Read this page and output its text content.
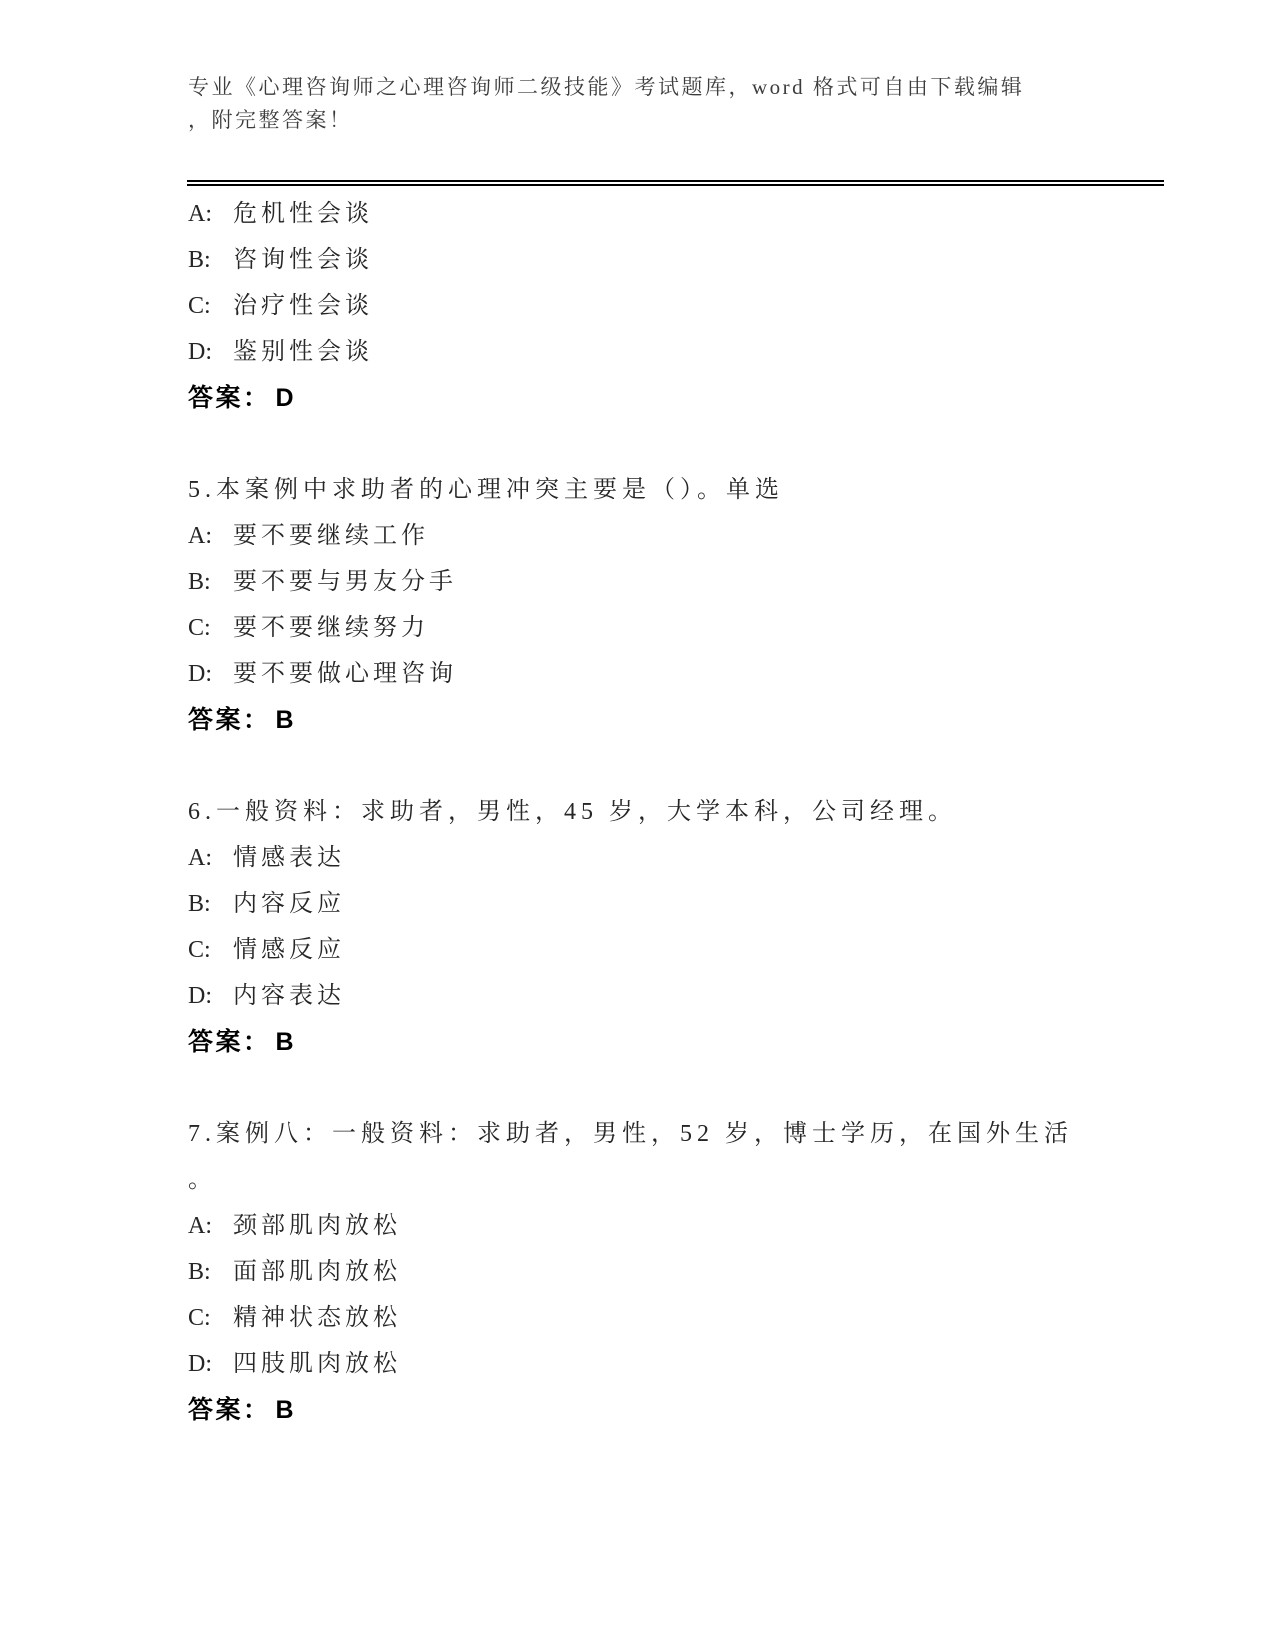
专业《心理咨询师之心理咨询师二级技能》考试题库，word 格式可自由下载编辑
，附完整答案！
A: 危机性会谈
B: 咨询性会谈
C: 治疗性会谈
D: 鉴别性会谈
答案： D
5.本案例中求助者的心理冲突主要是（）。单选
A: 要不要继续工作
B: 要不要与男友分手
C: 要不要继续努力
D: 要不要做心理咨询
答案： B
6.一般资料：求助者，男性，45 岁，大学本科，公司经理。
A: 情感表达
B: 内容反应
C: 情感反应
D: 内容表达
答案： B
7.案例八：一般资料：求助者，男性，52 岁，博士学历，在国外生活
。
A: 颈部肌肉放松
B: 面部肌肉放松
C: 精神状态放松
D: 四肢肌肉放松
答案： B
